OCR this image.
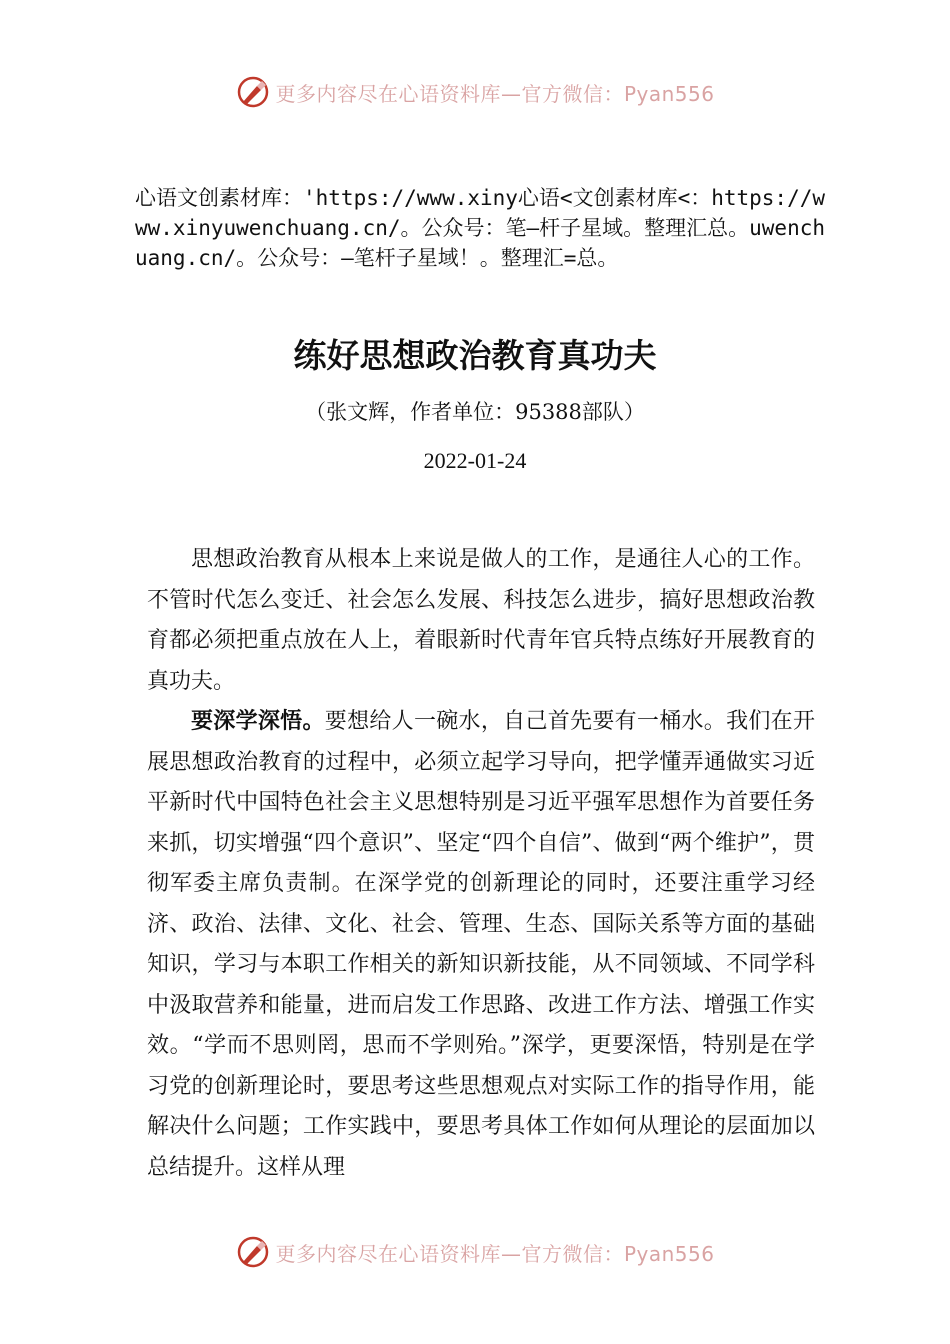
更多内容尽在心语资料库—官方微信：Pyan556

心语文创素材库：'https://www.xiny心语<文创素材库<：https://www.xinyuwenchuang.cn/。公众号：笔—杆子星域。整理汇总。uwenchuang.cn/。公众号：—笔杆子星域！。整理汇=总。

练好思想政治教育真功夫
（张文辉，作者单位：95388部队）
2022-01-24

思想政治教育从根本上来说是做人的工作，是通往人心的工作。不管时代怎么变迁、社会怎么发展、科技怎么进步，搞好思想政治教育都必须把重点放在人上，着眼新时代青年官兵特点练好开展教育的真功夫。

要深学深悟。要想给人一碗水，自己首先要有一桶水。我们在开展思想政治教育的过程中，必须立起学习导向，把学懂弄通做实习近平新时代中国特色社会主义思想特别是习近平强军思想作为首要任务来抓，切实增强“四个意识”、坚定“四个自信”、做到“两个维护”，贯彻军委主席负责制。在深学党的创新理论的同时，还要注重学习经济、政治、法律、文化、社会、管理、生态、国际关系等方面的基础知识，学习与本职工作相关的新知识新技能，从不同领域、不同学科中汲取营养和能量，进而启发工作思路、改进工作方法、增强工作实效。“学而不思则罔，思而不学则殆。”深学，更要深悟，特别是在学习党的创新理论时，要思考这些思想观点对实际工作的指导作用，能解决什么问题；工作实践中，要思考具体工作如何从理论的层面加以总结提升。这样从理

更多内容尽在心语资料库—官方微信：Pyan556
